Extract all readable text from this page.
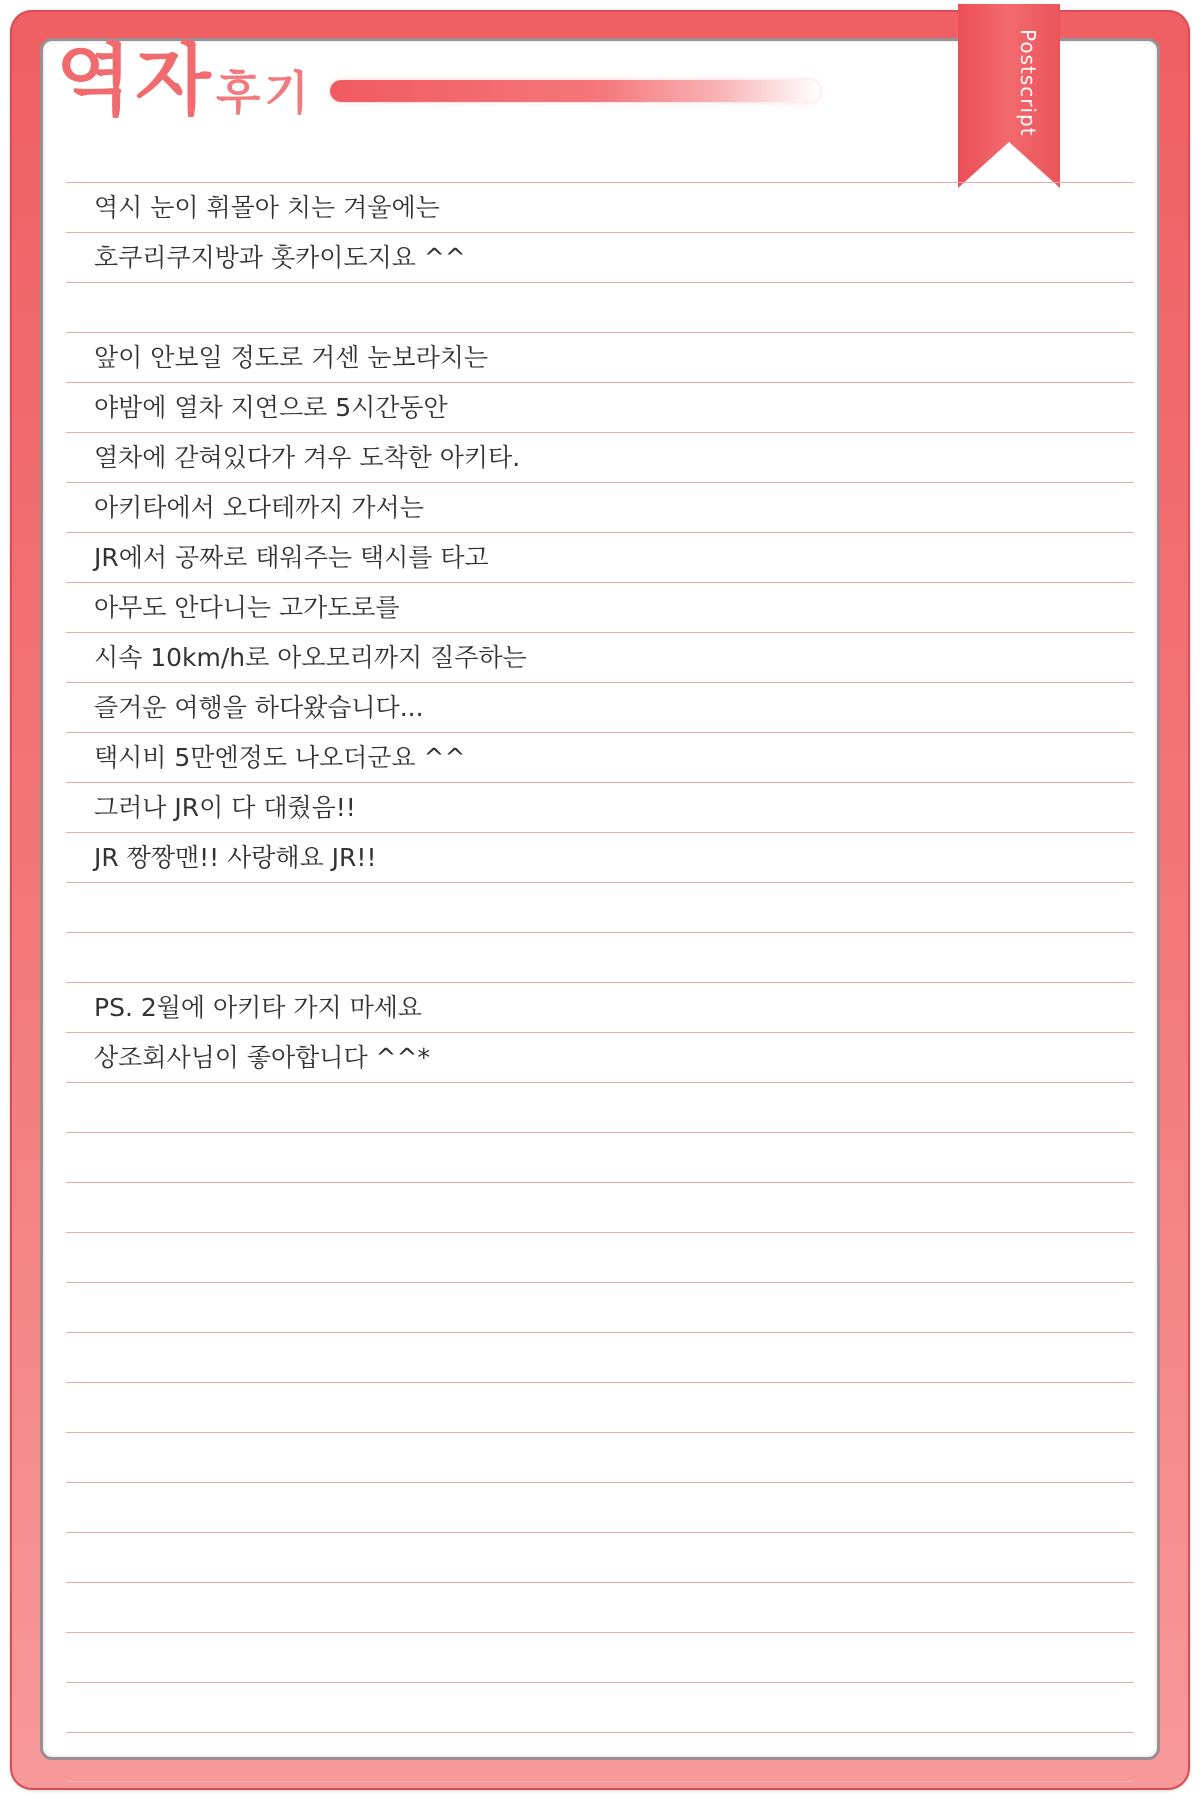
역자 후기	Postscript
역시 눈이 휘몰아 치는 겨울에는
호쿠리쿠지방과 홋카이도지요 ^^
앞이 안보일 정도로 거센 눈보라치는
야밤에 열차 지연으로 5시간동안
열차에 갇혀있다가 겨우 도착한 아키타.
아키타에서 오다테까지 가서는
JR에서 공짜로 태워주는 택시를 타고
아무도 안다니는 고가도로를
시속 10km/h로 아오모리까지 질주하는
즐거운 여행을 하다왔습니다...
택시비 5만엔정도 나오더군요 ^^
그러나 JR이 다 대줬음!!
JR 짱짱맨!! 사랑해요 JR!!
PS. 2월에 아키타 가지 마세요
상조회사님이 좋아합니다 ^^*
